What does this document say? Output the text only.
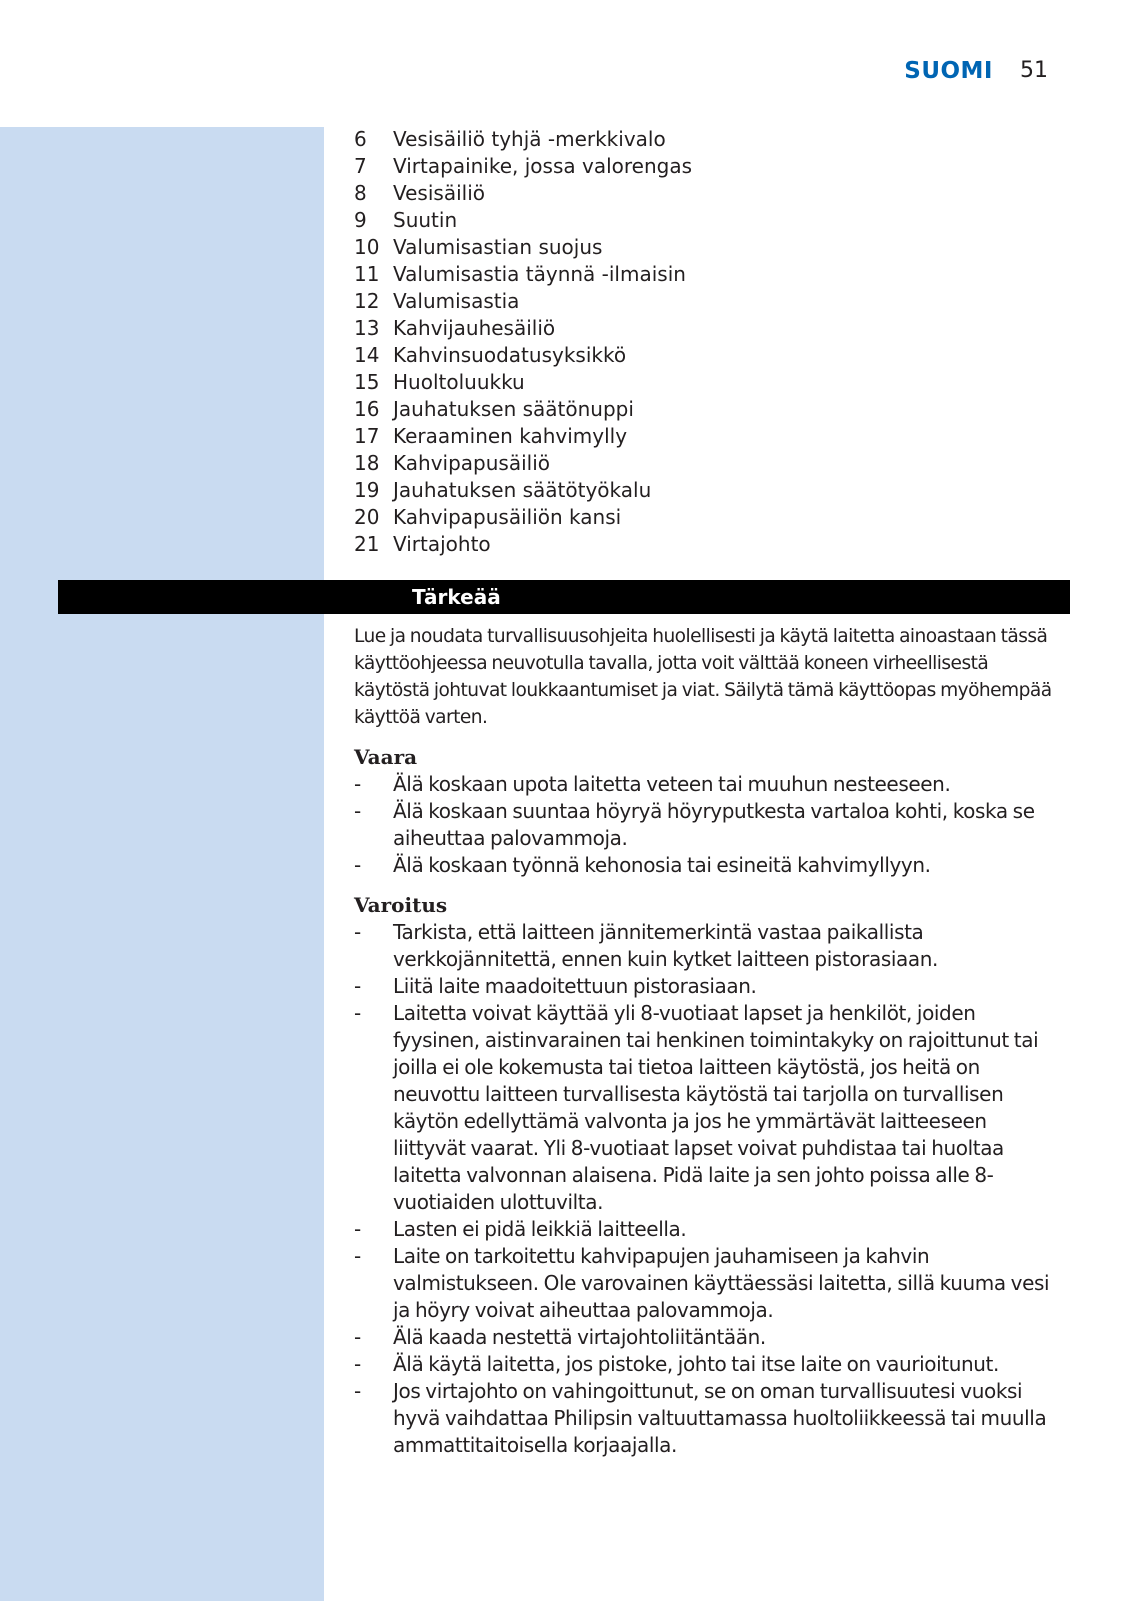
SUOMI 51
6 Vesisäiliö tyhjä -merkkivalo
7 Virtapainike, jossa valorengas
8 Vesisäiliö
9 Suutin
10 Valumisastian suojus
11 Valumisastia täynnä -ilmaisin
12 Valumisastia
13 Kahvijauhesäiliö
14 Kahvinsuodatusyksikkö
15 Huoltoluukku
16 Jauhatuksen säätönuppi
17 Keraaminen kahvimylly
18 Kahvipapusäiliö
19 Jauhatuksen säätötyökalu
20 Kahvipapusäiliön kansi
21 Virtajohto
Tärkeää

Lue ja noudata turvallisuusohjeita huolellisesti ja käytä laitetta ainoastaan tässä käyttöohjeessa neuvotulla tavalla, jotta voit välttää koneen virheellisestä käytöstä johtuvat loukkaantumiset ja viat. Säilytä tämä käyttöopas myöhempää käyttöä varten.

Vaara
- Älä koskaan upota laitetta veteen tai muuhun nesteeseen.
- Älä koskaan suuntaa höyryä höyryputkesta vartaloa kohti, koska se aiheuttaa palovammoja.
- Älä koskaan työnnä kehonosia tai esineitä kahvimyllyyn.
Varoitus
- Tarkista, että laitteen jännitemerkintä vastaa paikallista verkkojännitettä, ennen kuin kytket laitteen pistorasiaan.
- Liitä laite maadoitettuun pistorasiaan.
- Laitetta voivat käyttää yli 8-vuotiaat lapset ja henkilöt, joiden fyysinen, aistinvarainen tai henkinen toimintakyky on rajoittunut tai joilla ei ole kokemusta tai tietoa laitteen käytöstä, jos heitä on neuvottu laitteen turvallisesta käytöstä tai tarjolla on turvallisen käytön edellyttämä valvonta ja jos he ymmärtävät laitteeseen liittyvät vaarat. Yli 8-vuotiaat lapset voivat puhdistaa tai huoltaa laitetta valvonnan alaisena. Pidä laite ja sen johto poissa alle 8-vuotiaiden ulottuvilta.
- Lasten ei pidä leikkiä laitteella.
- Laite on tarkoitettu kahvipapujen jauhamiseen ja kahvin valmistukseen. Ole varovainen käyttäessäsi laitetta, sillä kuuma vesi ja höyry voivat aiheuttaa palovammoja.
- Älä kaada nestettä virtajohtoliitäntään.
- Älä käytä laitetta, jos pistoke, johto tai itse laite on vaurioitunut.
- Jos virtajohto on vahingoittunut, se on oman turvallisuutesi vuoksi hyvä vaihdattaa Philipsin valtuuttamassa huoltoliikkeessä tai muulla ammattitaitoisella korjaajalla.
